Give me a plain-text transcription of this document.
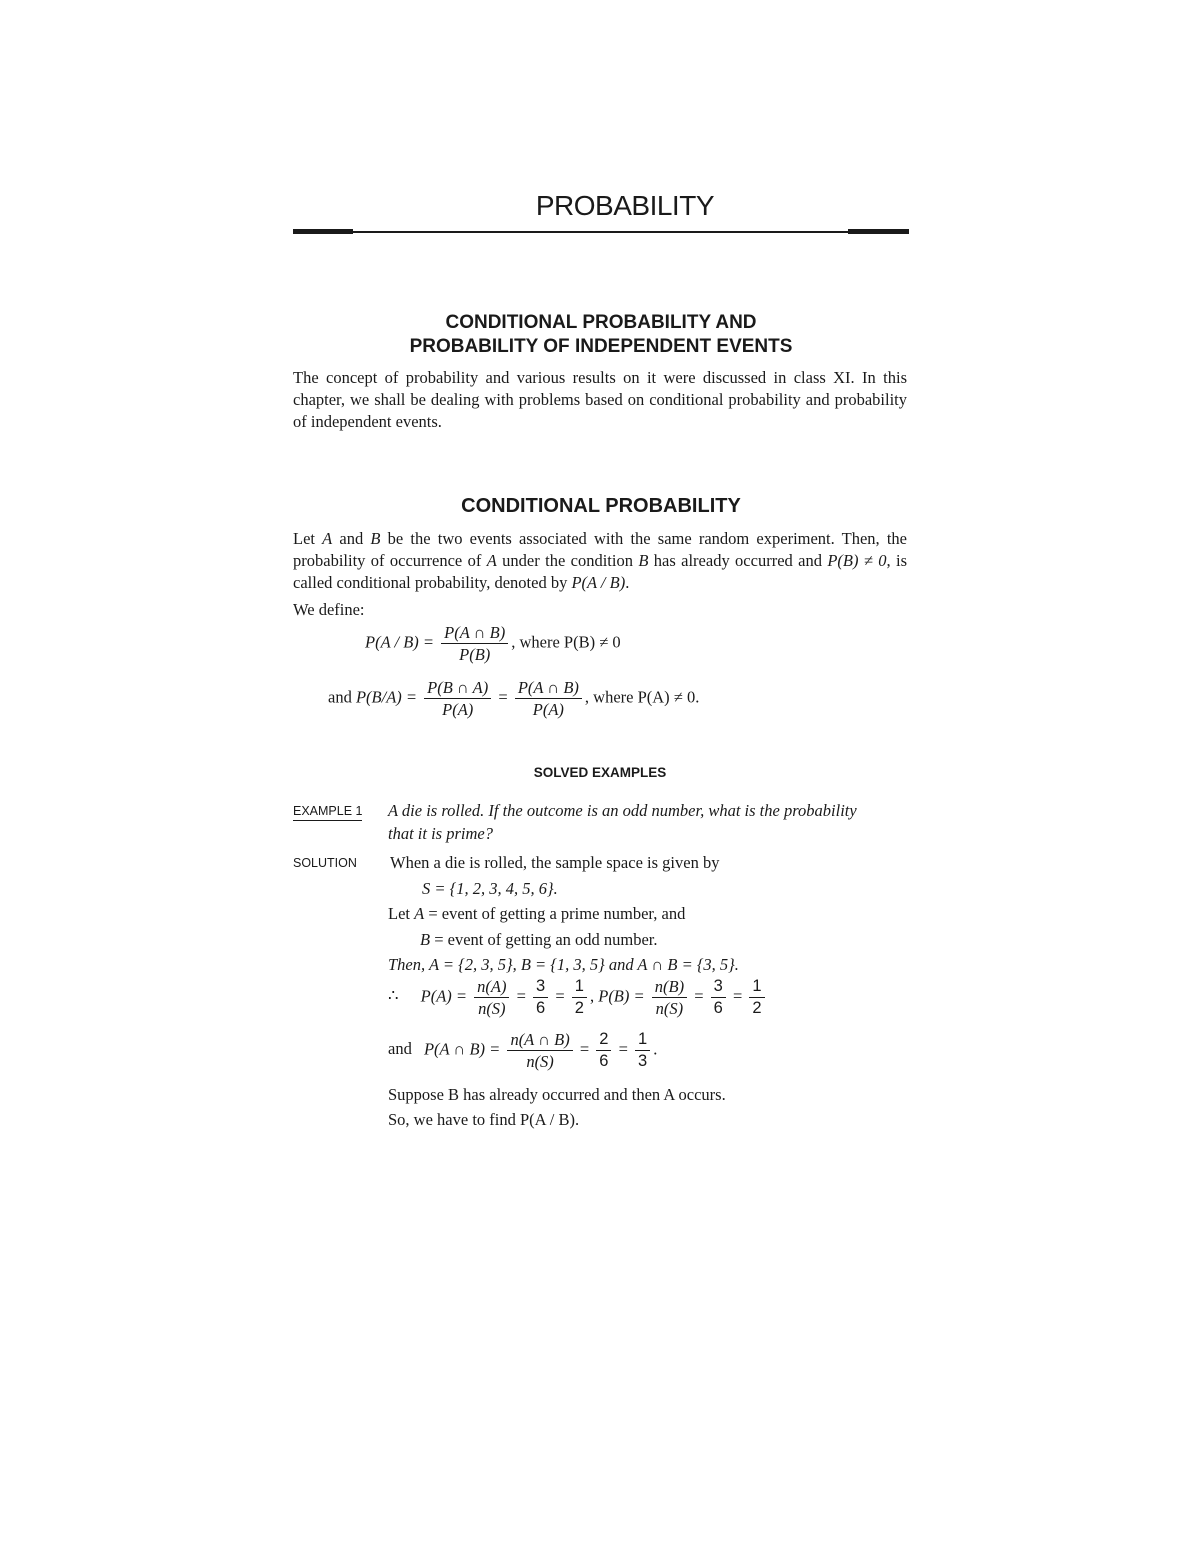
PROBABILITY
CONDITIONAL PROBABILITY AND
PROBABILITY OF INDEPENDENT EVENTS
The concept of probability and various results on it were discussed in class XI. In this chapter, we shall be dealing with problems based on conditional probability and probability of independent events.
CONDITIONAL PROBABILITY
Let A and B be the two events associated with the same random experiment. Then, the probability of occurrence of A under the condition B has already occurred and P(B) ≠ 0, is called conditional probability, denoted by P(A / B).
We define:
$P(A / B) = \frac{P(A \cap B)}{P(B)}$ , where P(B) ≠ 0
and $P(B/A) = \frac{P(B \cap A)}{P(A)} = \frac{P(A \cap B)}{P(A)}$ , where P(A) ≠ 0.
SOLVED EXAMPLES
EXAMPLE 1 A die is rolled. If the outcome is an odd number, what is the probability
that it is prime?
SOLUTION When a die is rolled, the sample space is given by
S = {1, 2, 3, 4, 5, 6}.
Let A = event of getting a prime number, and
B = event of getting an odd number.
Then, A = {2, 3, 5}, B = {1, 3, 5} and A ∩ B = {3, 5}.
∴ $P(A) = \frac{n(A)}{n(S)} = \frac{3}{6} = \frac{1}{2}$ , $P(B) = \frac{n(B)}{n(S)} = \frac{3}{6} = \frac{1}{2}$
and P(A ∩ $B) = \frac{n(A \cap B)}{n(S)} = \frac{2}{6} = \frac{1}{3}$ .
Suppose B has already occurred and then A occurs.
So, we have to find P(A / B).
